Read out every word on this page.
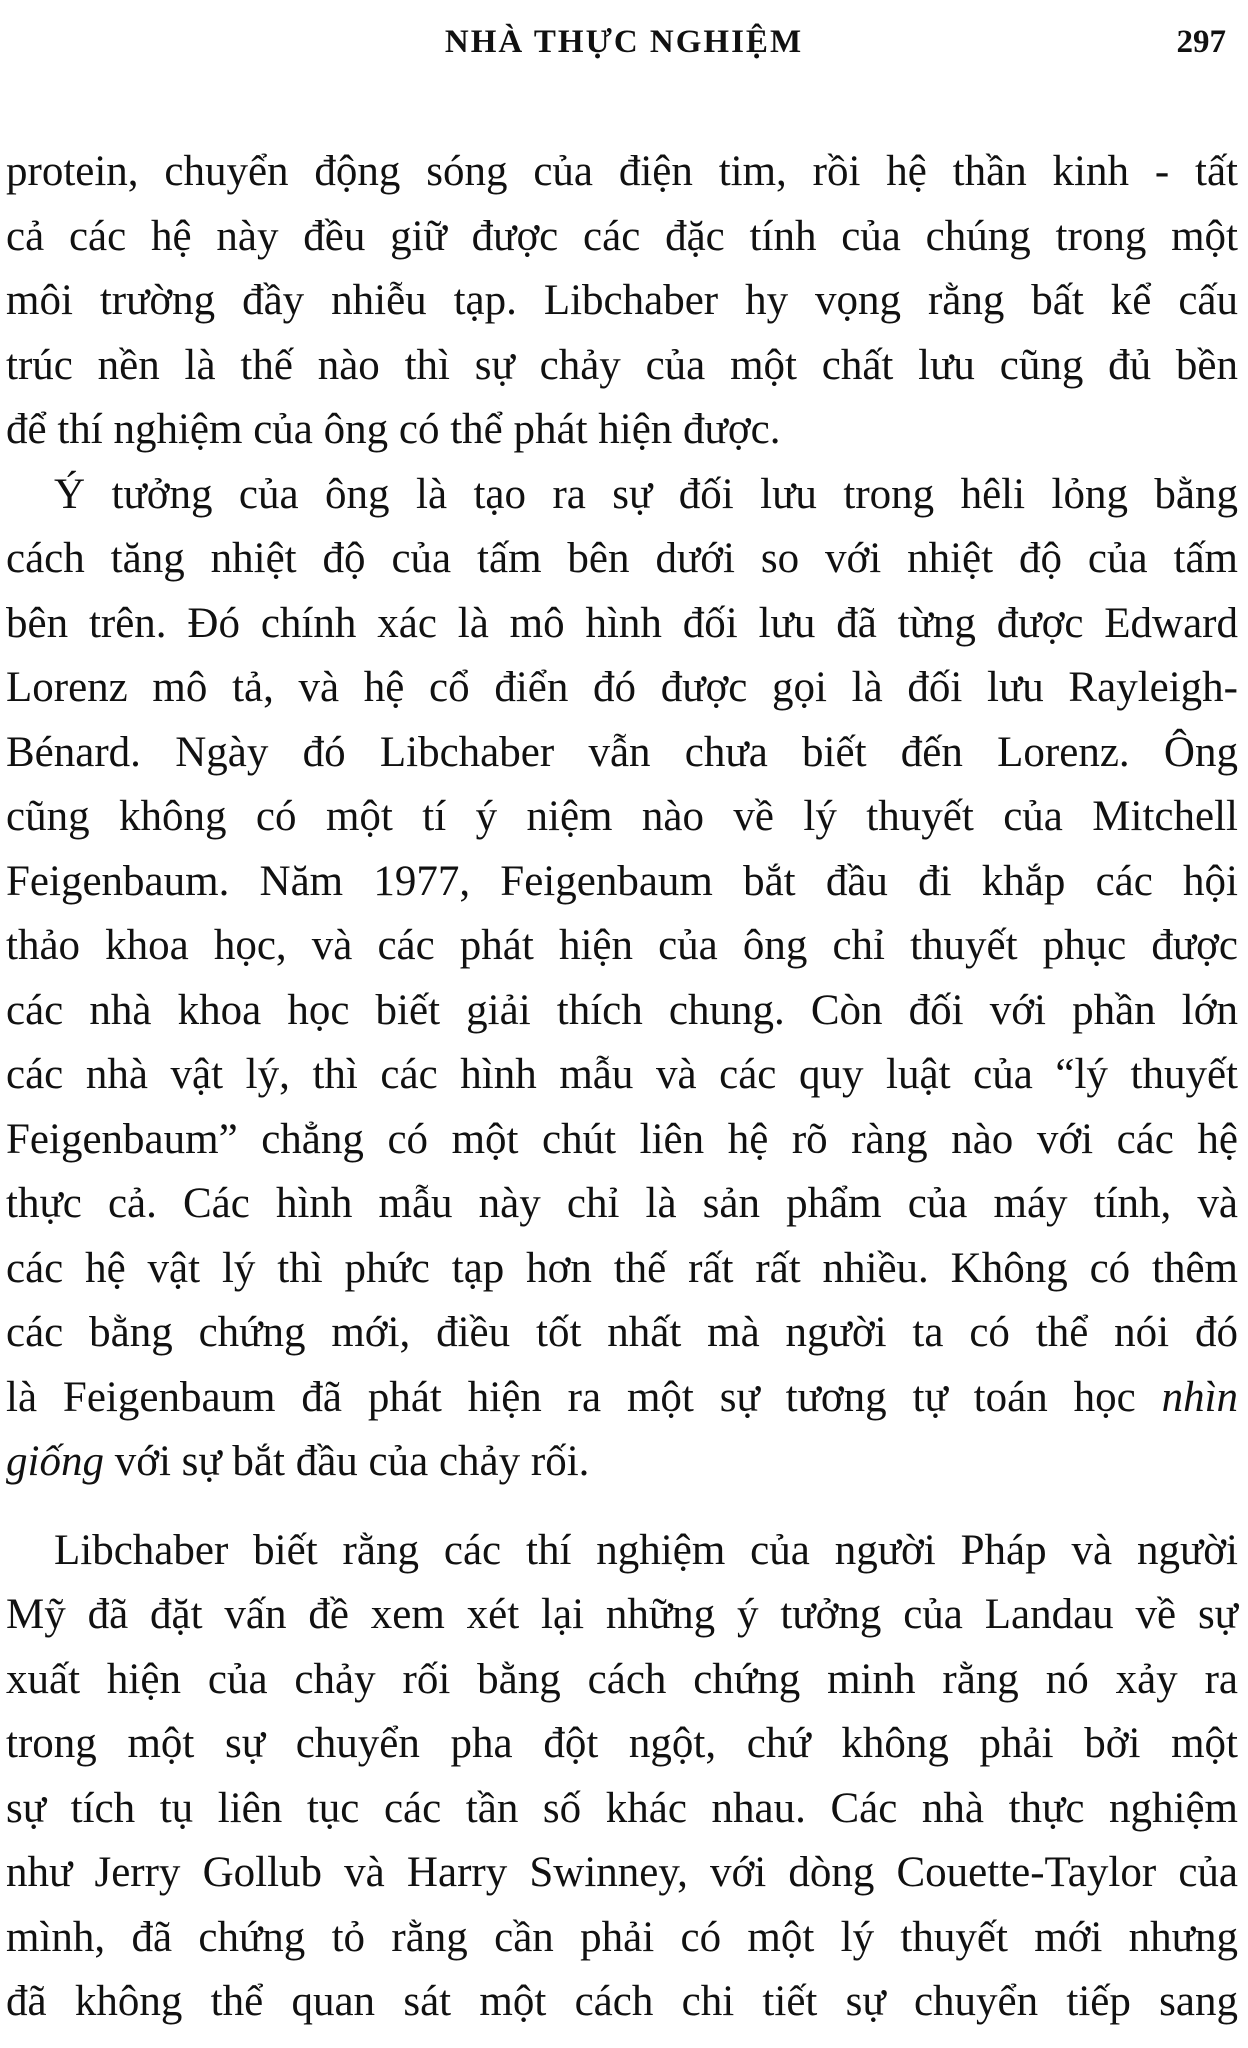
NHÀ THỰC NGHIỆM	297
protein, chuyển động sóng của điện tim, rồi hệ thần kinh - tất
cả các hệ này đều giữ được các đặc tính của chúng trong một
môi trường đầy nhiễu tạp. Libchaber hy vọng rằng bất kể cấu
trúc nền là thế nào thì sự chảy của một chất lưu cũng đủ bền
để thí nghiệm của ông có thể phát hiện được.
Ý tưởng của ông là tạo ra sự đối lưu trong hêli lỏng bằng
cách tăng nhiệt độ của tấm bên dưới so với nhiệt độ của tấm
bên trên. Đó chính xác là mô hình đối lưu đã từng được Edward
Lorenz mô tả, và hệ cổ điển đó được gọi là đối lưu Rayleigh-
Bénard. Ngày đó Libchaber vẫn chưa biết đến Lorenz. Ông
cũng không có một tí ý niệm nào về lý thuyết của Mitchell
Feigenbaum. Năm 1977, Feigenbaum bắt đầu đi khắp các hội
thảo khoa học, và các phát hiện của ông chỉ thuyết phục được
các nhà khoa học biết giải thích chung. Còn đối với phần lớn
các nhà vật lý, thì các hình mẫu và các quy luật của “lý thuyết
Feigenbaum” chẳng có một chút liên hệ rõ ràng nào với các hệ
thực cả. Các hình mẫu này chỉ là sản phẩm của máy tính, và
các hệ vật lý thì phức tạp hơn thế rất rất nhiều. Không có thêm
các bằng chứng mới, điều tốt nhất mà người ta có thể nói đó
là Feigenbaum đã phát hiện ra một sự tương tự toán học nhìn
giống với sự bắt đầu của chảy rối.
Libchaber biết rằng các thí nghiệm của người Pháp và người
Mỹ đã đặt vấn đề xem xét lại những ý tưởng của Landau về sự
xuất hiện của chảy rối bằng cách chứng minh rằng nó xảy ra
trong một sự chuyển pha đột ngột, chứ không phải bởi một
sự tích tụ liên tục các tần số khác nhau. Các nhà thực nghiệm
như Jerry Gollub và Harry Swinney, với dòng Couette-Taylor của
mình, đã chứng tỏ rằng cần phải có một lý thuyết mới nhưng
đã không thể quan sát một cách chi tiết sự chuyển tiếp sang
